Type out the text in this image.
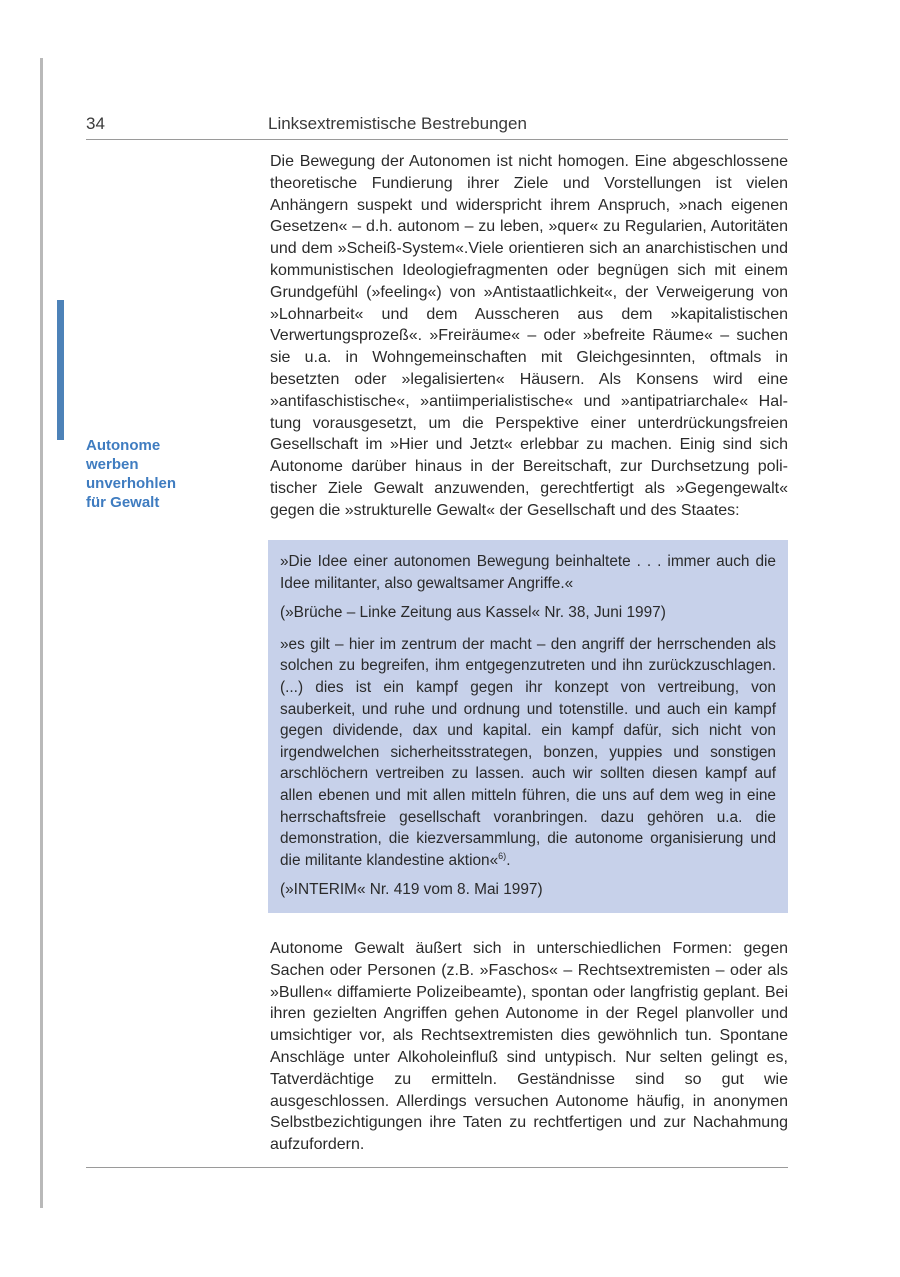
34	Linksextremistische Bestrebungen
Autonome
werben
unverhohlen
für Gewalt

Die Bewegung der Autonomen ist nicht homogen. Eine abgeschlossene theoretische Fundierung ihrer Ziele und Vorstellungen ist vielen Anhängern suspekt und widerspricht ihrem Anspruch, »nach eigenen Gesetzen« – d.h. autonom – zu leben, »quer« zu Regularien, Autoritäten und dem »Scheiß-System«.Viele orientieren sich an anarchistischen und kommunistischen Ideologiefragmenten oder begnügen sich mit einem Grundgefühl (»feeling«) von »Antistaatlichkeit«, der Verweigerung von »Lohnarbeit« und dem Ausscheren aus dem »kapitalistischen Verwertungsprozeß«. »Freiräume« – oder »befreite Räume« – suchen sie u.a. in Wohngemeinschaften mit Gleichgesinnten, oftmals in besetzten oder »legalisierten« Häusern. Als Konsens wird eine »antifaschistische«, »antiimperialistische« und »antipatriarchale« Haltung vorausgesetzt, um die Perspektive einer unterdrückungsfreien Gesellschaft im »Hier und Jetzt« erlebbar zu machen. Einig sind sich Autonome darüber hinaus in der Bereitschaft, zur Durchsetzung politischer Ziele Gewalt anzuwenden, gerechtfertigt als »Gegengewalt« gegen die »strukturelle Gewalt« der Gesellschaft und des Staates:

»Die Idee einer autonomen Bewegung beinhaltete . . . immer auch die Idee militanter, also gewaltsamer Angriffe.«

(»Brüche – Linke Zeitung aus Kassel« Nr. 38, Juni 1997)

»es gilt – hier im zentrum der macht – den angriff der herrschenden als solchen zu begreifen, ihm entgegenzutreten und ihn zurückzuschlagen. (...) dies ist ein kampf gegen ihr konzept von vertreibung, von sauberkeit, und ruhe und ordnung und totenstille. und auch ein kampf gegen dividende, dax und kapital. ein kampf dafür, sich nicht von irgendwelchen sicherheitsstrategen, bonzen, yuppies und sonstigen arschlöchern vertreiben zu lassen. auch wir sollten diesen kampf auf allen ebenen und mit allen mitteln führen, die uns auf dem weg in eine herrschaftsfreie gesellschaft voranbringen. dazu gehören u.a. die demonstration, die kiezversammlung, die autonome organisierung und die militante klandestine aktion«$^{6)}$.

(»INTERIM« Nr. 419 vom 8. Mai 1997)

Autonome Gewalt äußert sich in unterschiedlichen Formen: gegen Sachen oder Personen (z.B. »Faschos« – Rechtsextremisten – oder als »Bullen« diffamierte Polizeibeamte), spontan oder langfristig geplant. Bei ihren gezielten Angriffen gehen Autonome in der Regel planvoller und umsichtiger vor, als Rechtsextremisten dies gewöhnlich tun. Spontane Anschläge unter Alkoholeinfluß sind untypisch. Nur selten gelingt es, Tatverdächtige zu ermitteln. Geständnisse sind so gut wie ausgeschlossen. Allerdings versuchen Autonome häufig, in anonymen Selbstbezichtigungen ihre Taten zu rechtfertigen und zur Nachahmung aufzufordern.
